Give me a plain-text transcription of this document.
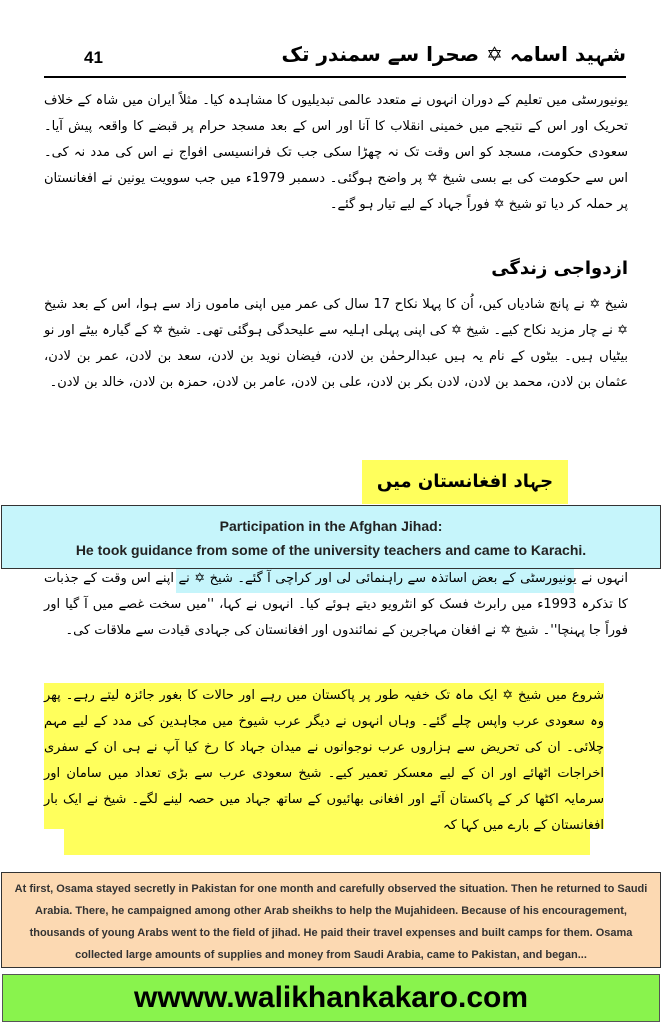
41	شہید اسامہ ✡ صحرا سے سمندر تک
یونیورسٹی میں تعلیم کے دوران انہوں نے متعدد عالمی تبدیلیوں کا مشاہدہ کیا۔ مثلاً ایران میں شاہ کے خلاف تحریک اور اس کے نتیجے میں خمینی انقلاب کا آنا اور اس کے بعد مسجد حرام پر قبضے کا واقعہ پیش آیا۔ سعودی حکومت، مسجد کو اس وقت تک نہ چھڑا سکی جب تک فرانسیسی افواج نے اس کی مدد نہ کی۔ اس سے حکومت کی بے بسی شیخ ✡ پر واضح ہوگئی۔ دسمبر 1979ء میں جب سوویت یونین نے افغانستان پر حملہ کر دیا تو شیخ ✡ فوراً جہاد کے لیے تیار ہو گئے۔
ازدواجی زندگی
شیخ ✡ نے پانچ شادیاں کیں، اُن کا پہلا نکاح 17 سال کی عمر میں اپنی ماموں زاد سے ہوا، اس کے بعد شیخ ✡ نے چار مزید نکاح کیے۔ شیخ ✡ کی اپنی پہلی اہلیہ سے علیحدگی ہوگئی تھی۔ شیخ ✡ کے گیارہ بیٹے اور نو بیٹیاں ہیں۔ بیٹوں کے نام یہ ہیں عبدالرحمٰن بن لادن، فیضان نوید بن لادن، سعد بن لادن، عمر بن لادن، عثمان بن لادن، محمد بن لادن، لادن بکر بن لادن، علی بن لادن، عامر بن لادن، حمزہ بن لادن، خالد بن لادن۔
جہاد افغانستان میں
Participation in the Afghan Jihad:
He took guidance from some of the university teachers and came to Karachi.
انہوں نے یونیورسٹی کے بعض اساتذہ سے راہنمائی لی اور کراچی آ گئے۔ شیخ ✡ نے اپنے اس وقت کے جذبات کا تذکرہ 1993ء میں رابرٹ فسک کو انٹرویو دیتے ہوئے کیا۔ انہوں نے کہا، ''میں سخت غصے میں آ گیا اور فوراً جا پہنچا''۔ شیخ ✡ نے افغان مہاجرین کے نمائندوں اور افغانستان کی جہادی قیادت سے ملاقات کی۔
شروع میں شیخ ✡ ایک ماہ تک خفیہ طور پر پاکستان میں رہے اور حالات کا بغور جائزہ لیتے رہے۔ پھر وہ سعودی عرب واپس چلے گئے۔ وہاں انہوں نے دیگر عرب شیوخ میں مجاہدین کی مدد کے لیے مہم چلائی۔ ان کی تحریض سے ہزاروں عرب نوجوانوں نے میدان جہاد کا رخ کیا آپ نے ہی ان کے سفری اخراجات اٹھائے اور ان کے لیے معسکر تعمیر کیے۔ شیخ سعودی عرب سے بڑی تعداد میں سامان اور سرمایہ اکٹھا کر کے پاکستان آئے اور افغانی بھائیوں کے ساتھ جہاد میں حصہ لینے لگے۔ شیخ نے ایک بار افغانستان کے بارے میں کہا کہ
At first, Osama stayed secretly in Pakistan for one month and carefully observed the situation. Then he returned to Saudi Arabia. There, he campaigned among other Arab sheikhs to help the Mujahideen. Because of his encouragement, thousands of young Arabs went to the field of jihad. He paid their travel expenses and built camps for them. Osama collected large amounts of supplies and money from Saudi Arabia, came to Pakistan, and began...
wwww.walikhankakaro.com
